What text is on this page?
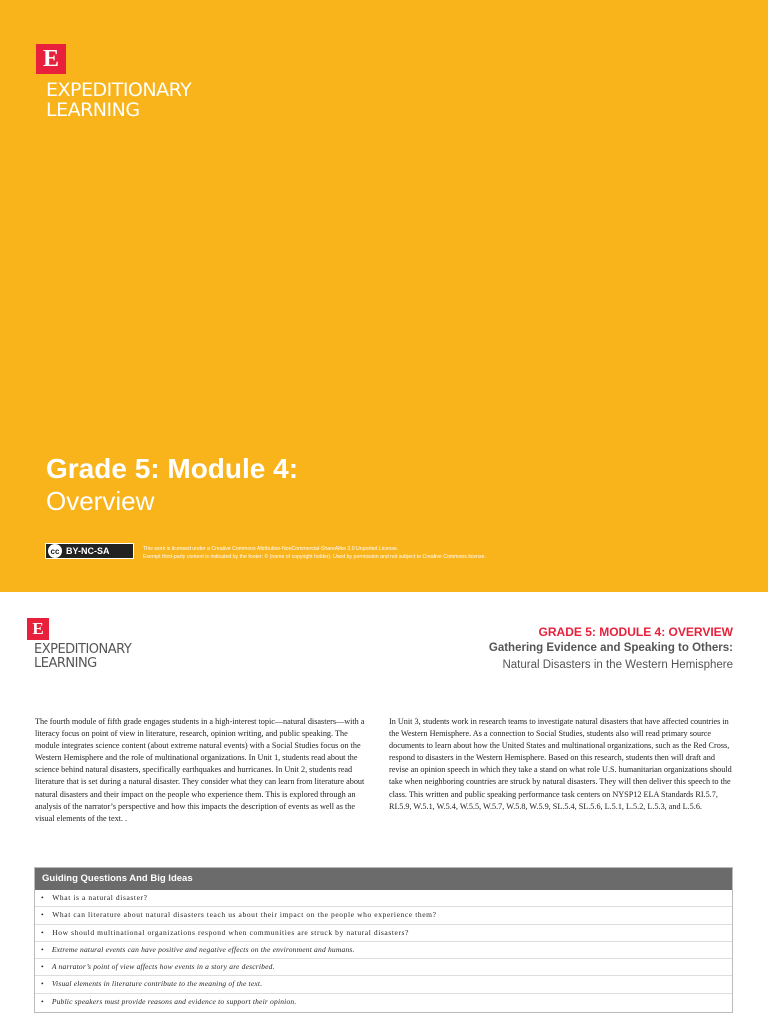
E
EXPEDITIONARY
LEARNING
Grade 5: Module 4:
Overview
cc BY-NC-SA	This work is licensed under a Creative Commons Attribution-NonCommercial-ShareAlike 3.0 Unported License.
Exempt third-party content is indicated by the footer: © (name of copyright holder). Used by permission and not subject to Creative Commons license.
E
EXPEDITIONARY
LEARNING
GRADE 5: MODULE 4: OVERVIEW
Gathering Evidence and Speaking to Others:
Natural Disasters in the Western Hemisphere
The fourth module of fifth grade engages students in a high-interest topic—natural disasters—with a literacy focus on point of view in literature, research, opinion writing, and public speaking. The module integrates science content (about extreme natural events) with a Social Studies focus on the Western Hemisphere and the role of multinational organizations. In Unit 1, students read about the science behind natural disasters, specifically earthquakes and hurricanes. In Unit 2, students read literature that is set during a natural disaster. They consider what they can learn from literature about natural disasters and their impact on the people who experience them. This is explored through an analysis of the narrator’s perspective and how this impacts the description of events as well as the visual elements of the text. .
In Unit 3, students work in research teams to investigate natural disasters that have affected countries in the Western Hemisphere. As a connection to Social Studies, students also will read primary source documents to learn about how the United States and multinational organizations, such as the Red Cross, respond to disasters in the Western Hemisphere. Based on this research, students then will draft and revise an opinion speech in which they take a stand on what role U.S. humanitarian organizations should take when neighboring countries are struck by natural disasters. They will then deliver this speech to the class. This written and public speaking performance task centers on NYSP12 ELA Standards RI.5.7, RI.5.9, W.5.1, W.5.4, W.5.5, W.5.7, W.5.8, W.5.9, SL.5.4, SL.5.6, L.5.1, L.5.2, L.5.3, and L.5.6.
Guiding Questions And Big Ideas
• What is a natural disaster?
• What can literature about natural disasters teach us about their impact on the people who experience them?
• How should multinational organizations respond when communities are struck by natural disasters?
• Extreme natural events can have positive and negative effects on the environment and humans.
• A narrator’s point of view affects how events in a story are described.
• Visual elements in literature contribute to the meaning of the text.
• Public speakers must provide reasons and evidence to support their opinion.
